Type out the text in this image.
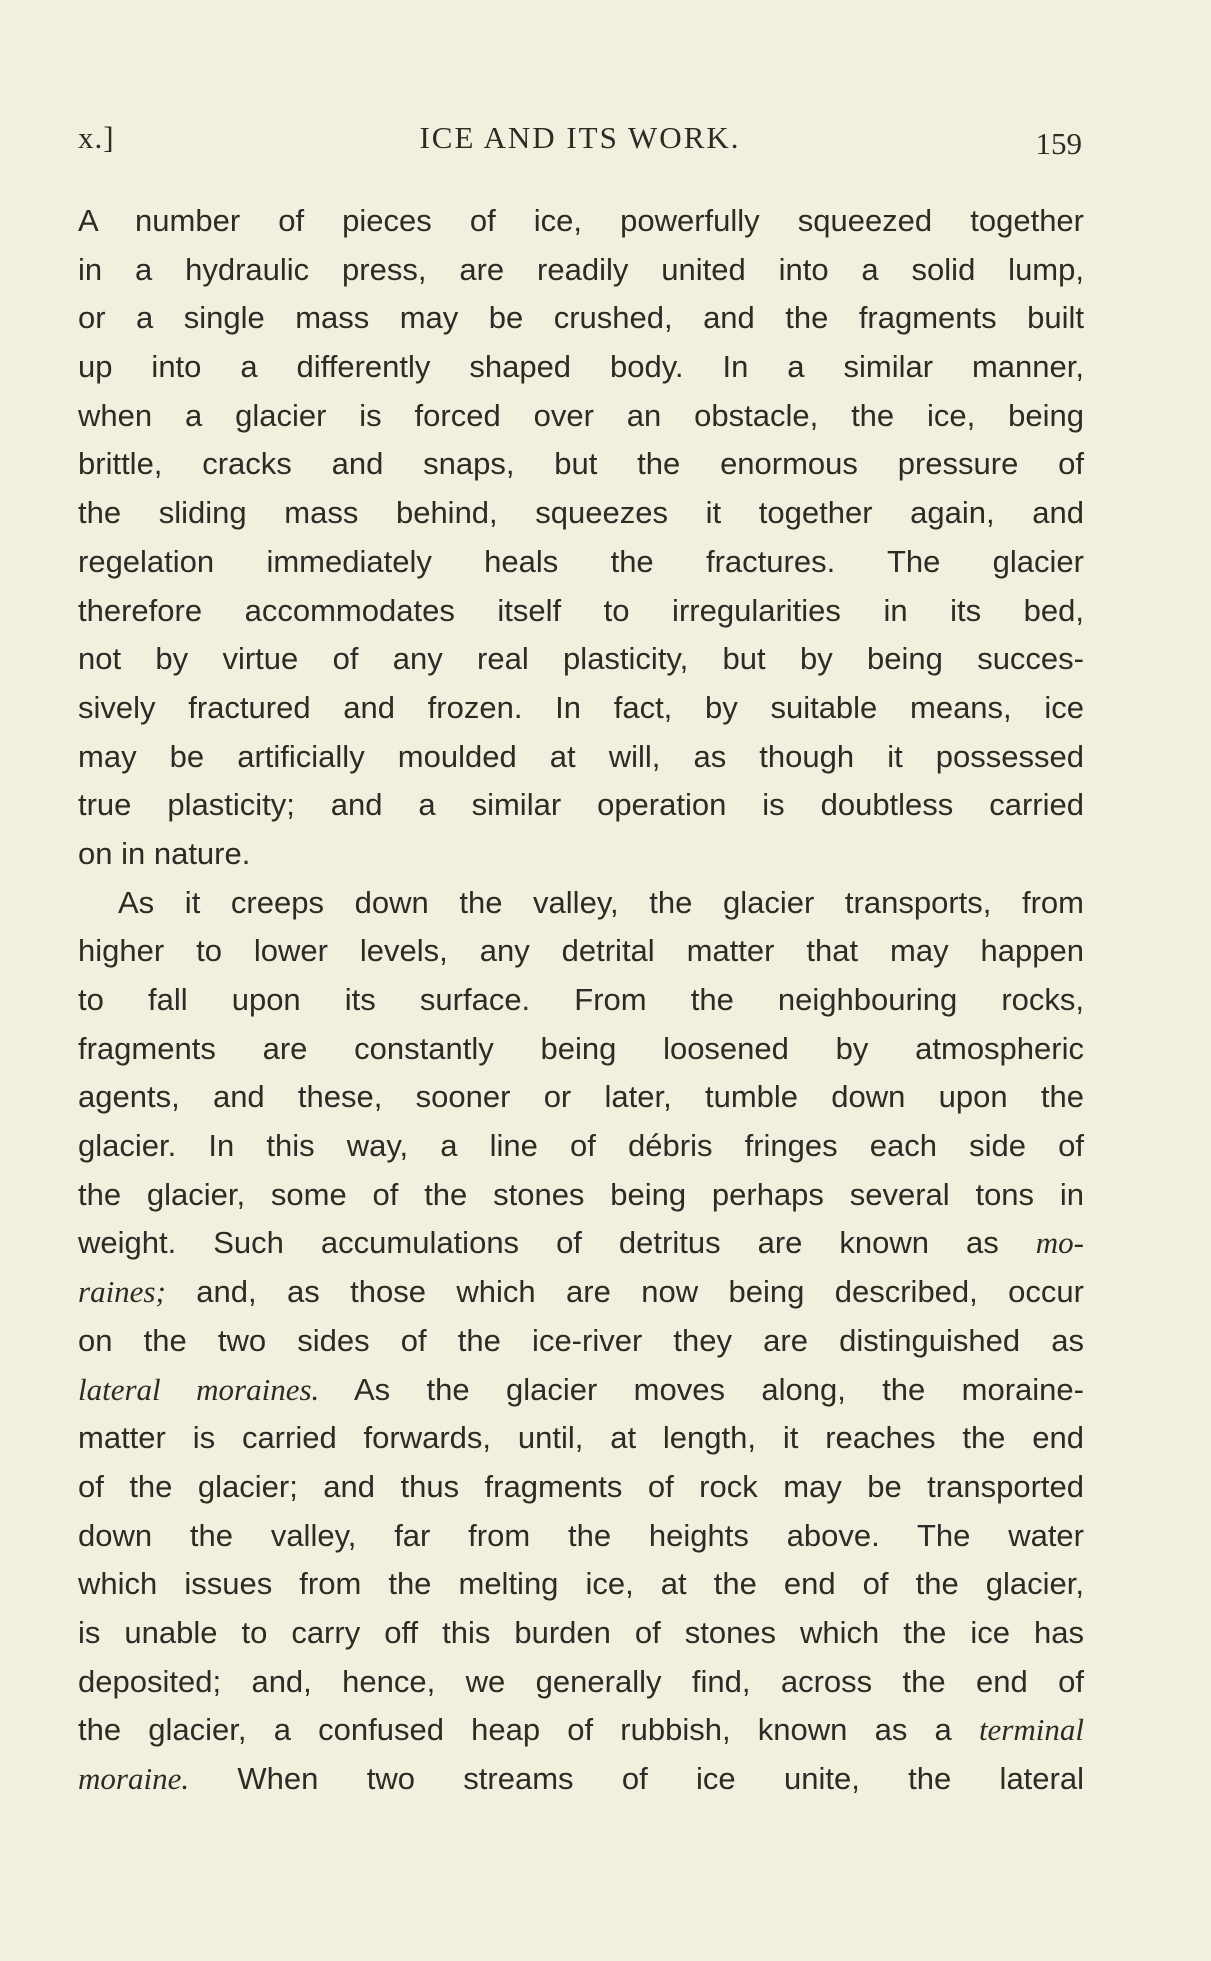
x.]	ICE AND ITS WORK.	159
A number of pieces of ice, powerfully squeezed together
in a hydraulic press, are readily united into a solid lump,
or a single mass may be crushed, and the fragments built
up into a differently shaped body. In a similar manner,
when a glacier is forced over an obstacle, the ice, being
brittle, cracks and snaps, but the enormous pressure of
the sliding mass behind, squeezes it together again, and
regelation immediately heals the fractures. The glacier
therefore accommodates itself to irregularities in its bed,
not by virtue of any real plasticity, but by being succes-
sively fractured and frozen. In fact, by suitable means, ice
may be artificially moulded at will, as though it possessed
true plasticity; and a similar operation is doubtless carried
on in nature.
As it creeps down the valley, the glacier transports, from
higher to lower levels, any detrital matter that may happen
to fall upon its surface. From the neighbouring rocks,
fragments are constantly being loosened by atmospheric
agents, and these, sooner or later, tumble down upon the
glacier. In this way, a line of débris fringes each side of
the glacier, some of the stones being perhaps several tons in
weight. Such accumulations of detritus are known as mo-
raines; and, as those which are now being described, occur
on the two sides of the ice-river they are distinguished as
lateral moraines. As the glacier moves along, the moraine-
matter is carried forwards, until, at length, it reaches the end
of the glacier; and thus fragments of rock may be transported
down the valley, far from the heights above. The water
which issues from the melting ice, at the end of the glacier,
is unable to carry off this burden of stones which the ice has
deposited; and, hence, we generally find, across the end of
the glacier, a confused heap of rubbish, known as a terminal
moraine. When two streams of ice unite, the lateral
